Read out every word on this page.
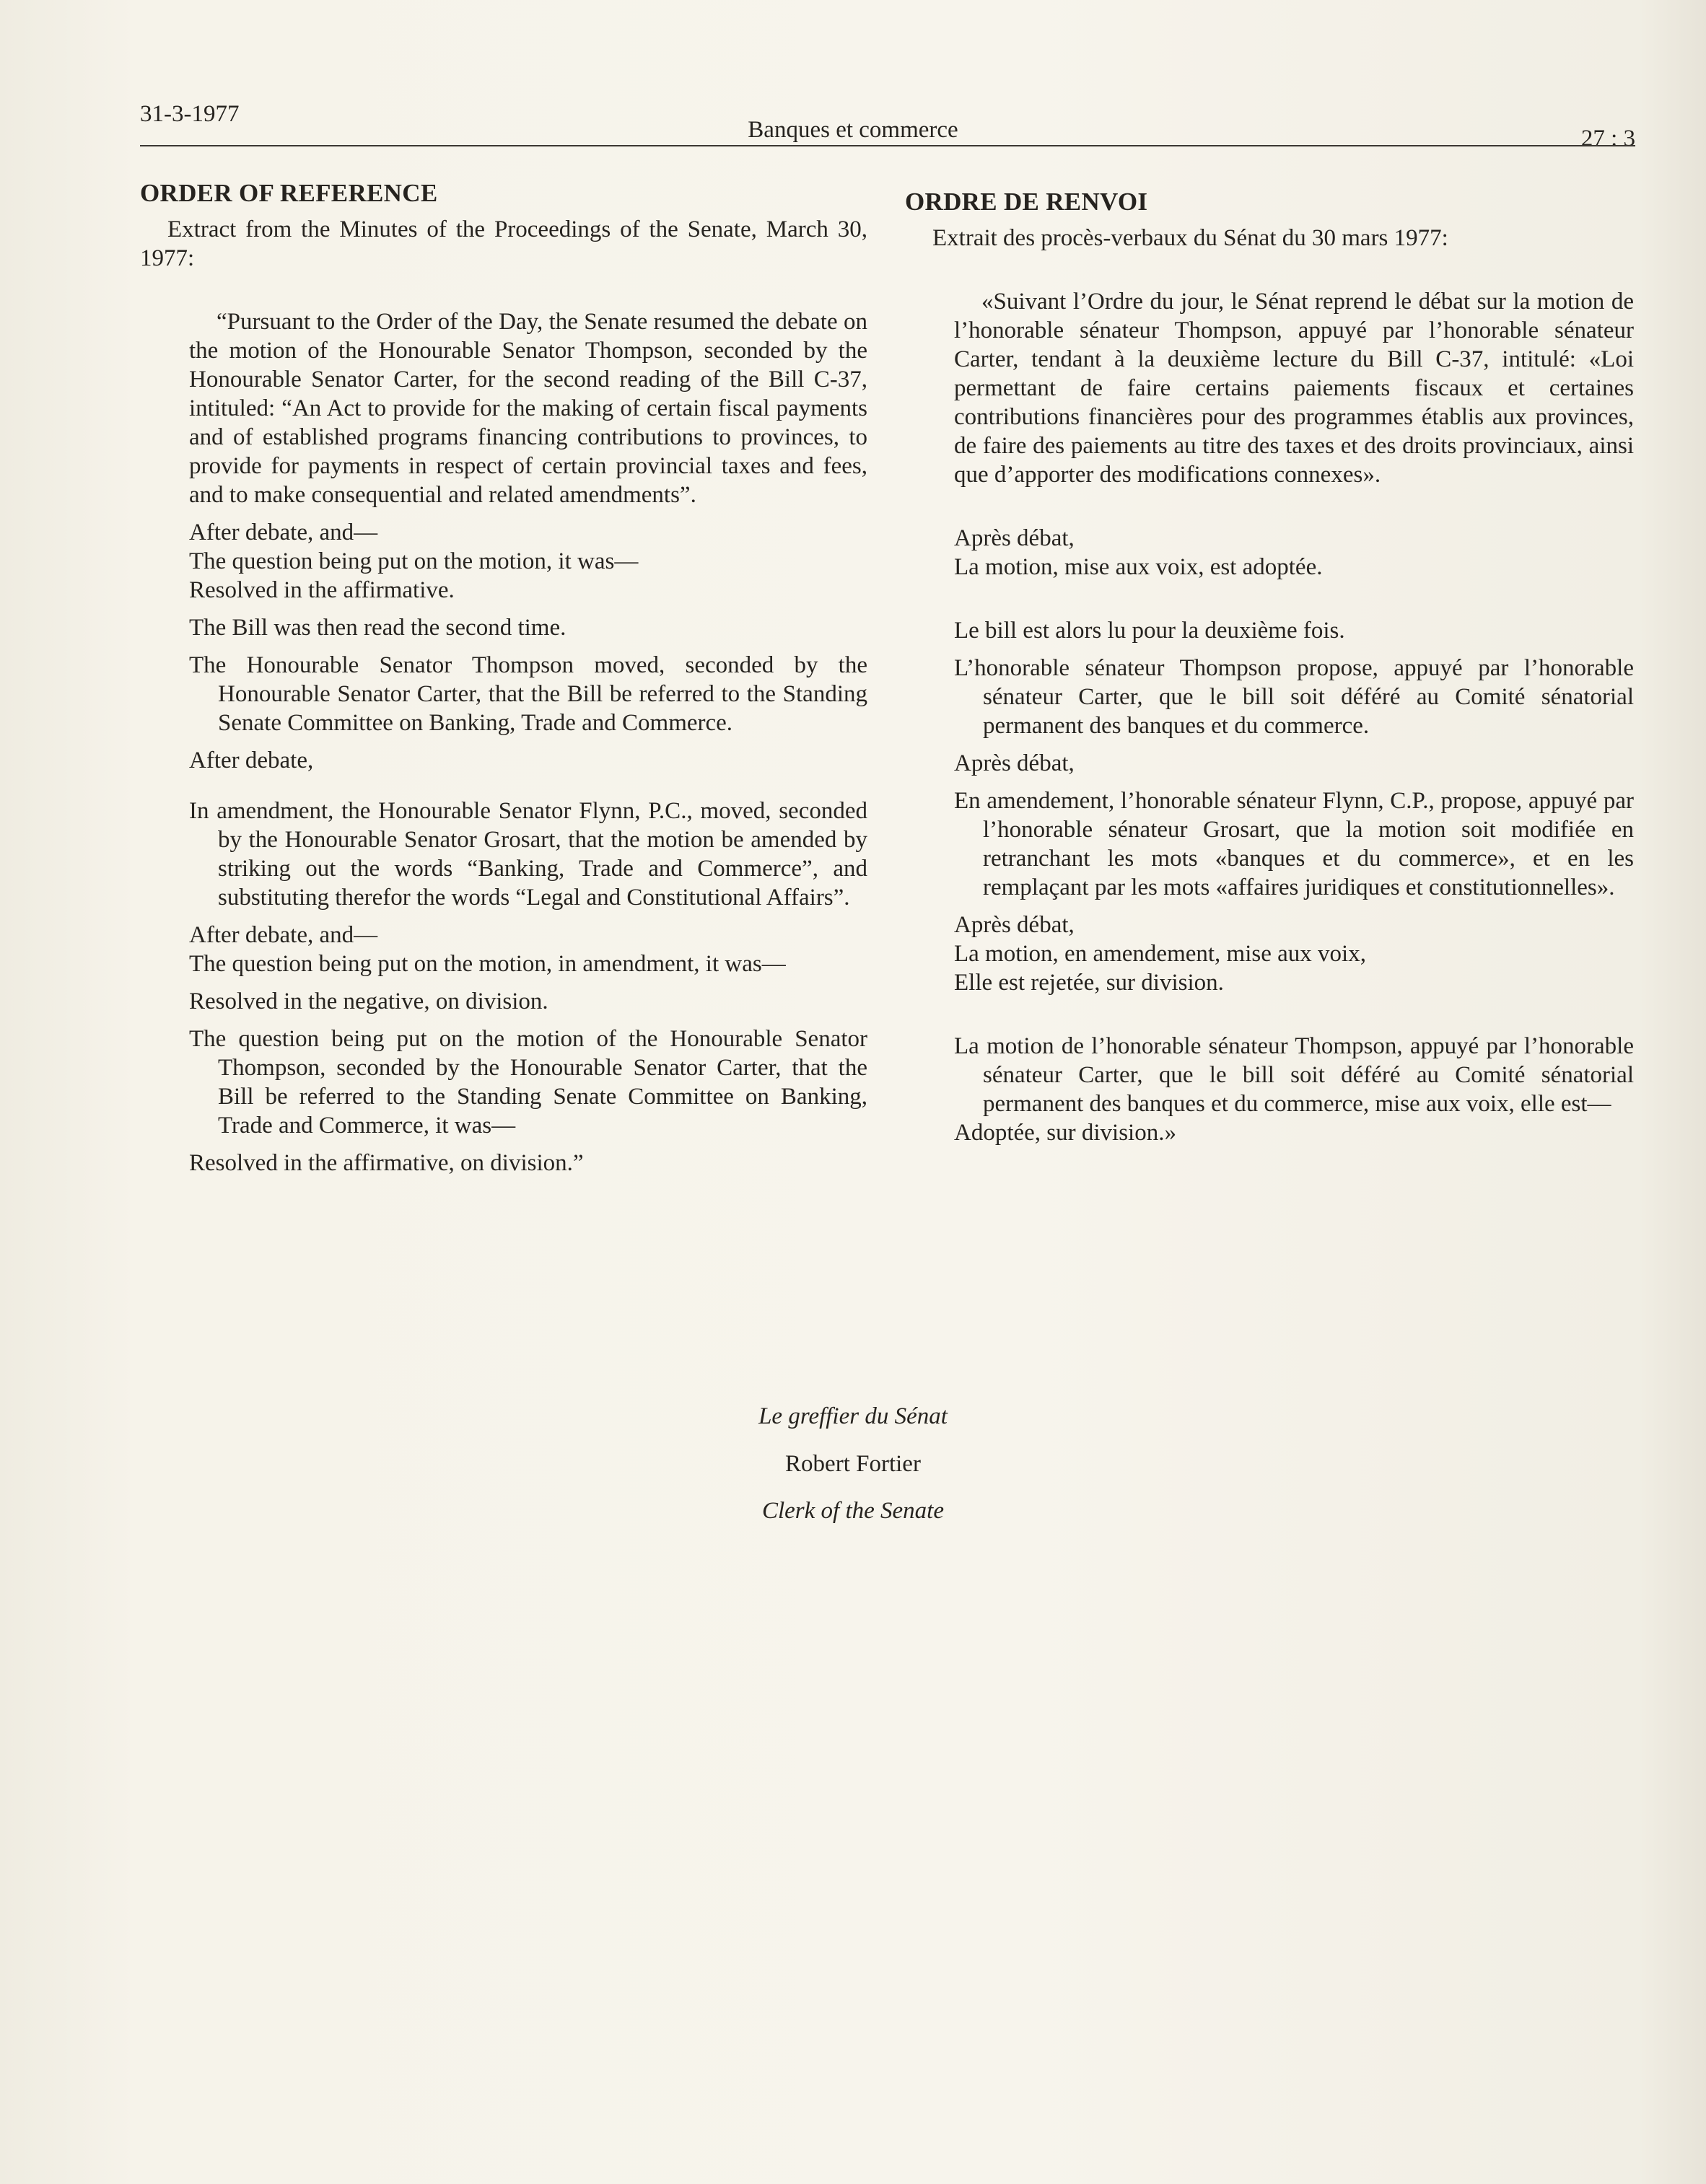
31-3-1977
Banques et commerce	27 : 3
ORDER OF REFERENCE

Extract from the Minutes of the Proceedings of the Senate, March 30, 1977:

“Pursuant to the Order of the Day, the Senate resumed the debate on the motion of the Honourable Senator Thompson, seconded by the Honourable Senator Carter, for the second reading of the Bill C-37, intituled: “An Act to provide for the making of certain fiscal payments and of established programs financing contributions to provinces, to provide for payments in respect of certain provincial taxes and fees, and to make consequential and related amendments”.

After debate, and—

The question being put on the motion, it was—

Resolved in the affirmative.

The Bill was then read the second time.

The Honourable Senator Thompson moved, seconded by the Honourable Senator Carter, that the Bill be referred to the Standing Senate Committee on Banking, Trade and Commerce.

After debate,

In amendment, the Honourable Senator Flynn, P.C., moved, seconded by the Honourable Senator Grosart, that the motion be amended by striking out the words “Banking, Trade and Commerce”, and substituting therefor the words “Legal and Constitutional Affairs”.

After debate, and—

The question being put on the motion, in amendment, it was—

Resolved in the negative, on division.

The question being put on the motion of the Honourable Senator Thompson, seconded by the Honourable Senator Carter, that the Bill be referred to the Standing Senate Committee on Banking, Trade and Commerce, it was—

Resolved in the affirmative, on division.”

ORDRE DE RENVOI

Extrait des procès-verbaux du Sénat du 30 mars 1977:

«Suivant l’Ordre du jour, le Sénat reprend le débat sur la motion de l’honorable sénateur Thompson, appuyé par l’honorable sénateur Carter, tendant à la deuxième lecture du Bill C-37, intitulé: «Loi permettant de faire certains paiements fiscaux et certaines contributions financières pour des programmes établis aux provinces, de faire des paiements au titre des taxes et des droits provinciaux, ainsi que d’apporter des modifications connexes».

Après débat,

La motion, mise aux voix, est adoptée.

Le bill est alors lu pour la deuxième fois.

L’honorable sénateur Thompson propose, appuyé par l’honorable sénateur Carter, que le bill soit déféré au Comité sénatorial permanent des banques et du commerce.

Après débat,

En amendement, l’honorable sénateur Flynn, C.P., propose, appuyé par l’honorable sénateur Grosart, que la motion soit modifiée en retranchant les mots «banques et du commerce», et en les remplaçant par les mots «affaires juridiques et constitutionnelles».

Après débat,

La motion, en amendement, mise aux voix,

Elle est rejetée, sur division.

La motion de l’honorable sénateur Thompson, appuyé par l’honorable sénateur Carter, que le bill soit déféré au Comité sénatorial permanent des banques et du commerce, mise aux voix, elle est—

Adoptée, sur division.»

Le greffier du Sénat
Robert Fortier
Clerk of the Senate
